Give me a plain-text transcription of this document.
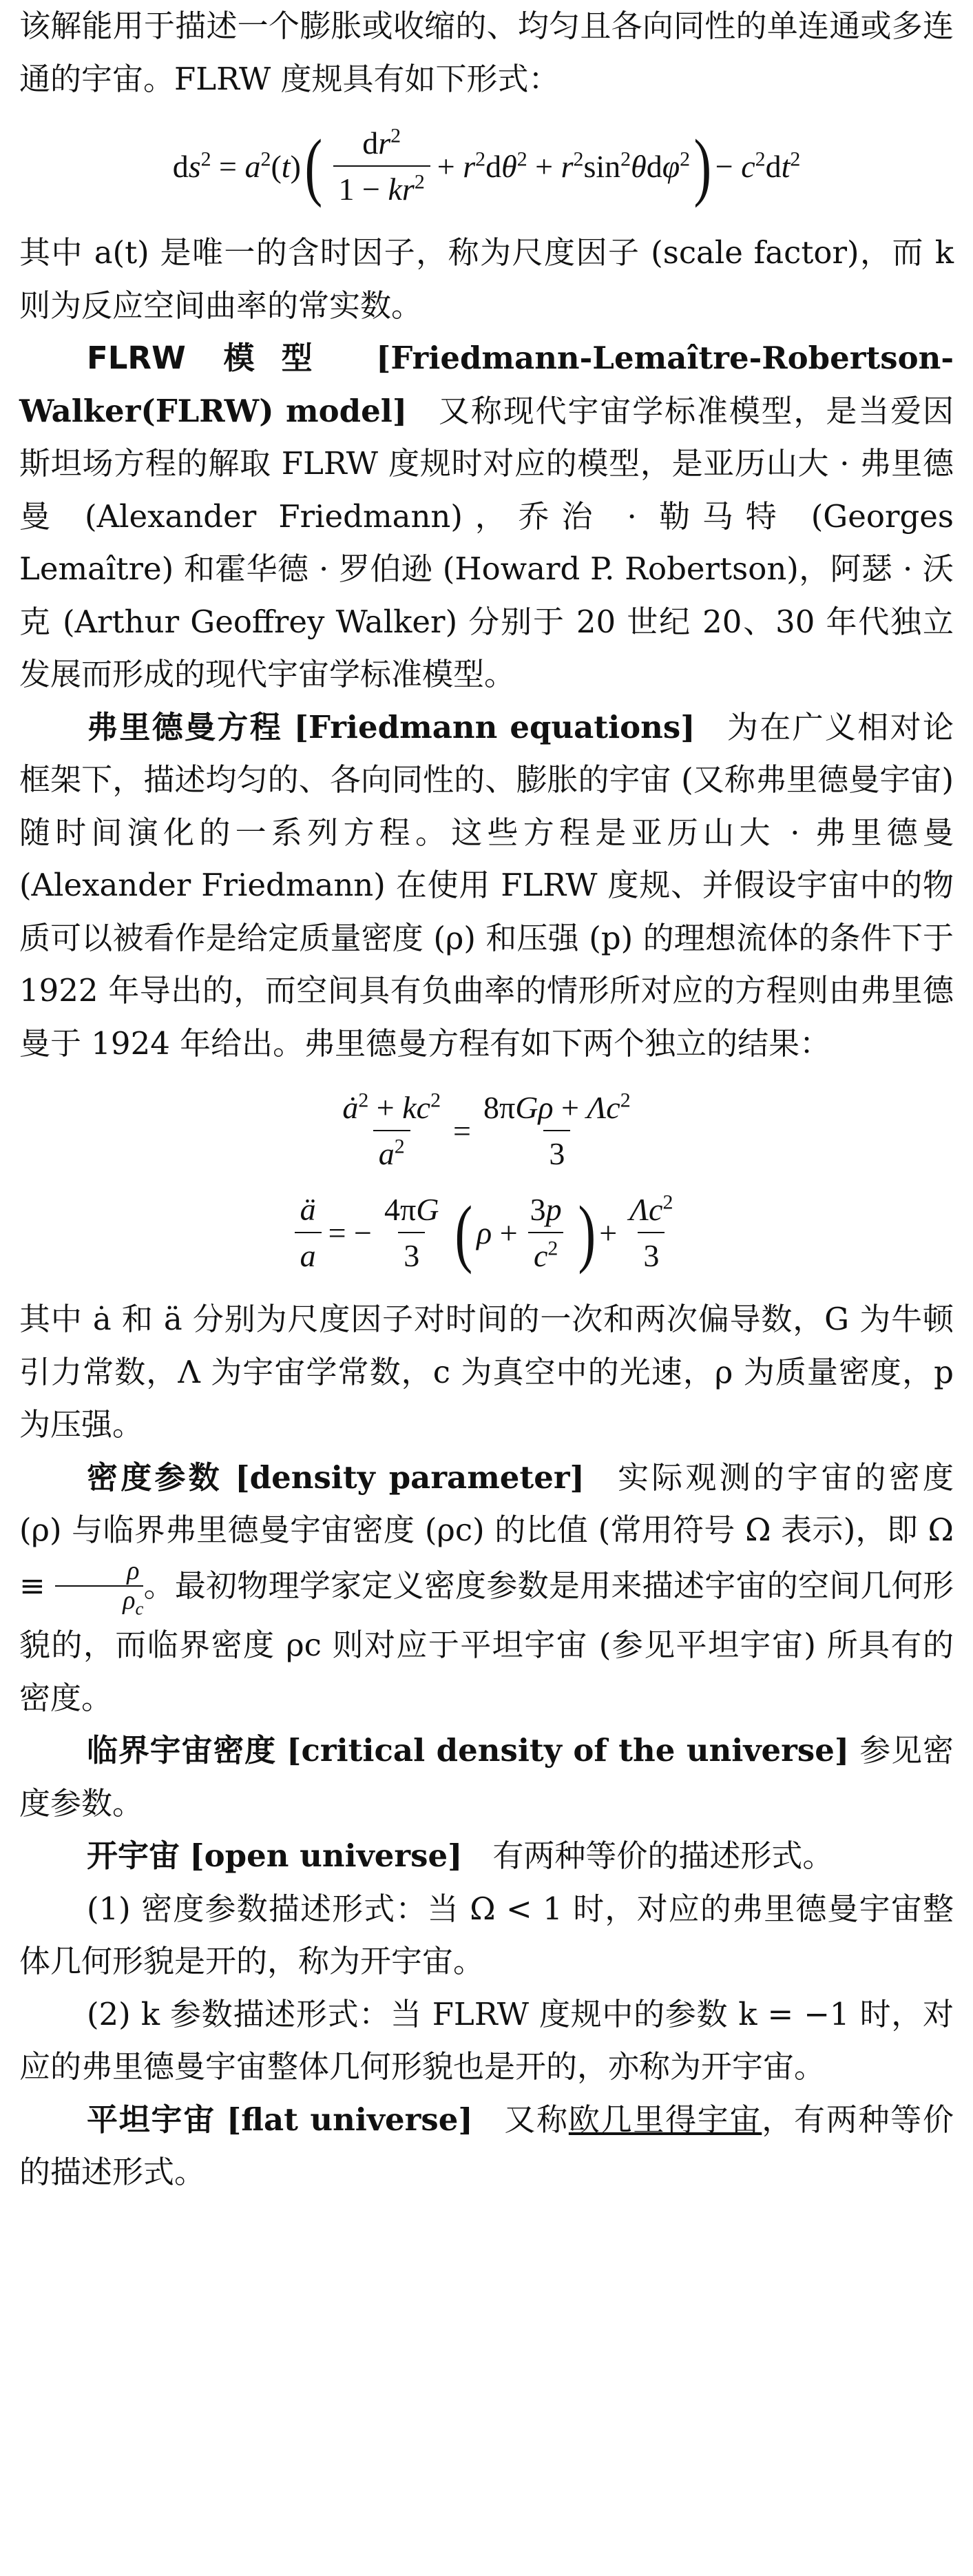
该解能用于描述一个膨胀或收缩的、均匀且各向同性的单连通或多连通的宇宙。FLRW 度规具有如下形式：

$ds^2 = a^2(t)$ ( $\frac{dr^2}{1 - kr^2} + r^2d\theta^2 + r^2\sin^2\theta d\varphi^2$ ) − $c^2dt^2$

其中 a(t) 是唯一的含时因子，称为尺度因子 (scale factor)，而 k 则为反应空间曲率的常实数。

FLRW 模型 [Friedmann-Lemaître-Robertson-Walker(FLRW) model] 又称现代宇宙学标准模型，是当爱因斯坦场方程的解取 FLRW 度规时对应的模型，是亚历山大 · 弗里德曼 (Alexander Friedmann)，乔治 · 勒马特 (Georges Lemaître) 和霍华德 · 罗伯逊 (Howard P. Robertson)，阿瑟 · 沃克 (Arthur Geoffrey Walker) 分别于 20 世纪 20、30 年代独立发展而形成的现代宇宙学标准模型。

弗里德曼方程 [Friedmann equations] 为在广义相对论框架下，描述均匀的、各向同性的、膨胀的宇宙 (又称弗里德曼宇宙) 随时间演化的一系列方程。这些方程是亚历山大 · 弗里德曼 (Alexander Friedmann) 在使用 FLRW 度规、并假设宇宙中的物质可以被看作是给定质量密度 (ρ) 和压强 (p) 的理想流体的条件下于 1922 年导出的，而空间具有负曲率的情形所对应的方程则由弗里德曼于 1924 年给出。弗里德曼方程有如下两个独立的结果：

$\frac{ȧ^2 + kc^2}{a^2} = \frac{8\pi G\rho + \Lambda c^2}{3}$
$\frac{ä}{a}$ = − $\frac{4\pi G}{3}$ ( $\rho + \frac{3p}{c^2}$ ) + $\frac{\Lambda c^2}{3}$

其中 ȧ 和 ä 分别为尺度因子对时间的一次和两次偏导数，G 为牛顿引力常数，Λ 为宇宙学常数，c 为真空中的光速，ρ 为质量密度，p 为压强。

密度参数 [density parameter] 实际观测的宇宙的密度 (ρ) 与临界弗里德曼宇宙密度 (ρc) 的比值 (常用符号 Ω 表示)，即 $\Omega \equiv \frac{\rho}{\rho_c}$ 。最初物理学家定义密度参数是用来描述宇宙的空间几何形貌的，而临界密度 ρc 则对应于平坦宇宙 (参见平坦宇宙) 所具有的密度。

临界宇宙密度 [critical density of the universe] 参见密度参数。

开宇宙 [open universe] 有两种等价的描述形式。

(1) 密度参数描述形式：当 Ω < 1 时，对应的弗里德曼宇宙整体几何形貌是开的，称为开宇宙。

(2) k 参数描述形式：当 FLRW 度规中的参数 k = −1 时，对应的弗里德曼宇宙整体几何形貌也是开的，亦称为开宇宙。

平坦宇宙 [flat universe] 又称欧几里得宇宙，有两种等价的描述形式。
